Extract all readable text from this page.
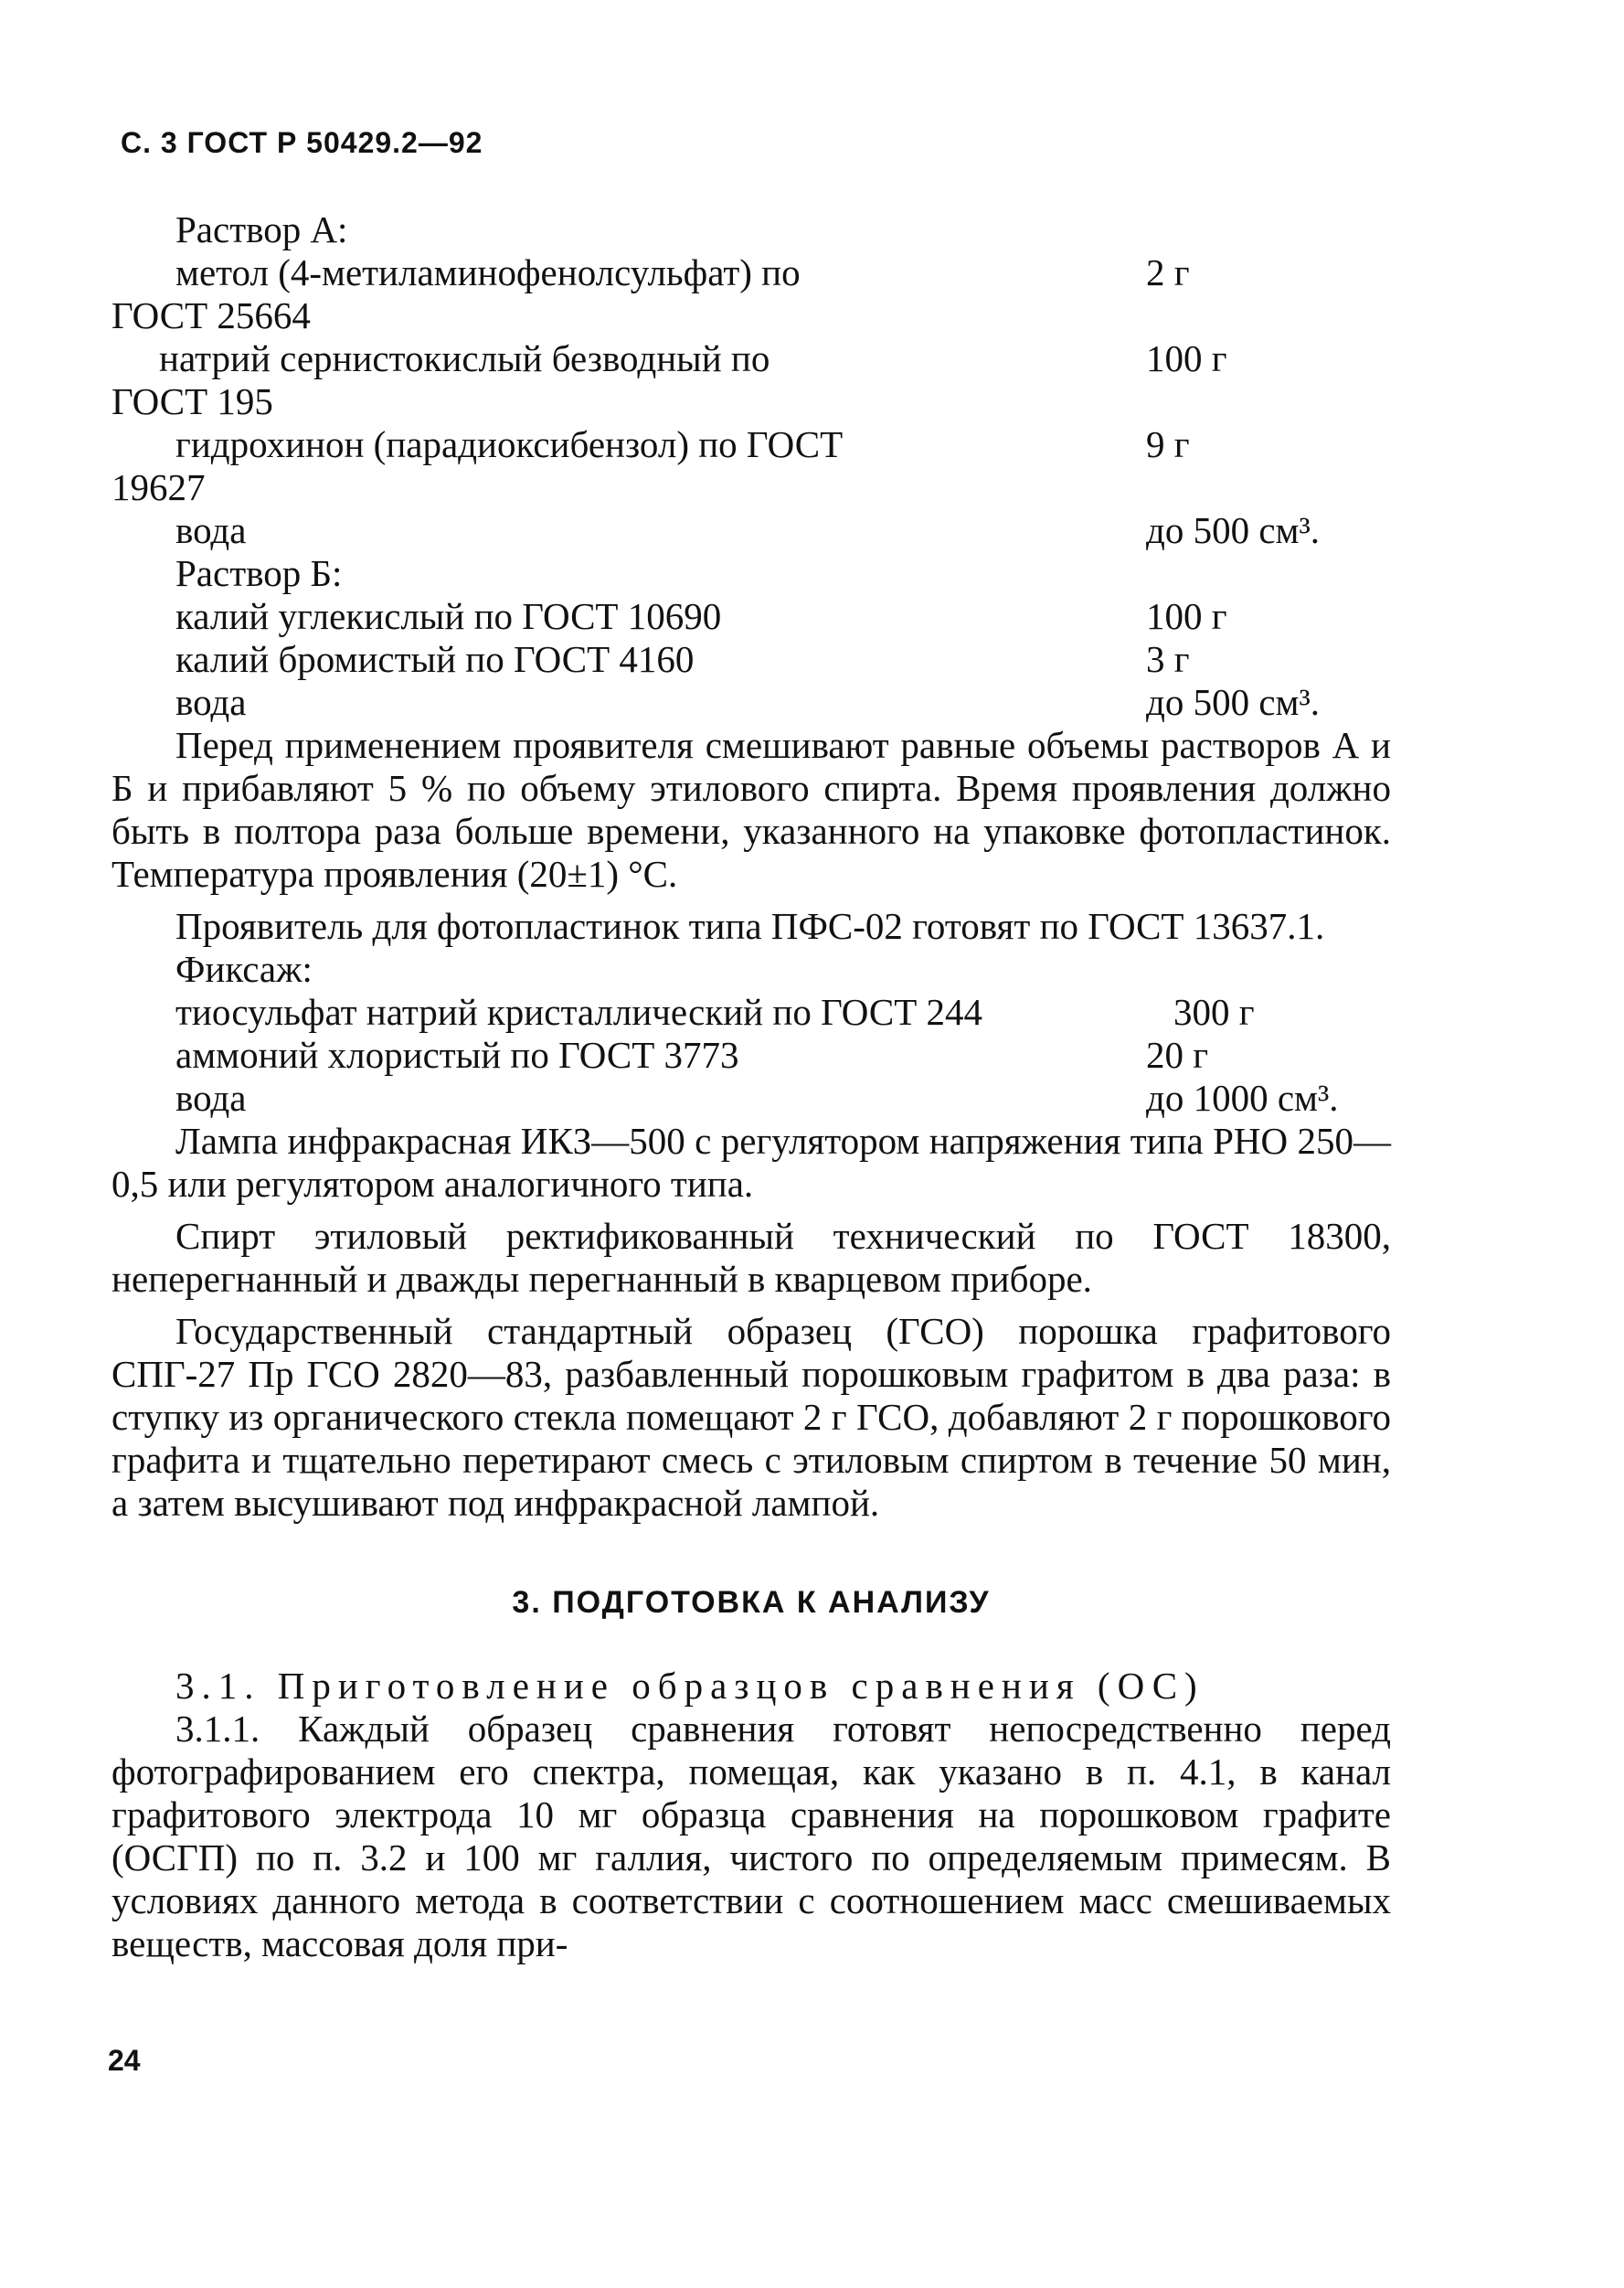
С. 3 ГОСТ Р 50429.2—92
Раствор А:
метол (4-метиламинофенолсульфат) по	2 г
ГОСТ 25664
натрий сернистокислый безводный по	100 г
ГОСТ 195
гидрохинон (парадиоксибензол) по ГОСТ	9 г
19627
вода	до 500 см³.
Раствор Б:
калий углекислый по ГОСТ 10690	100 г
калий бромистый по ГОСТ 4160	3 г
вода	до 500 см³.

Перед применением проявителя смешивают равные объемы растворов А и Б и прибавляют 5 % по объему этилового спирта. Время проявления должно быть в полтора раза больше времени, указанного на упаковке фотопластинок. Температура проявления (20±1) °С.

Проявитель для фотопластинок типа ПФС-02 готовят по ГОСТ 13637.1.

Фиксаж:
тиосульфат натрий кристаллический по ГОСТ 244	300 г
аммоний хлористый по ГОСТ 3773	20 г
вода	до 1000 см³.

Лампа инфракрасная ИКЗ—500 с регулятором напряжения типа РНО 250—0,5 или регулятором аналогичного типа.

Спирт этиловый ректификованный технический по ГОСТ 18300, неперегнанный и дважды перегнанный в кварцевом приборе.

Государственный стандартный образец (ГСО) порошка графитового СПГ-27 Пр ГСО 2820—83, разбавленный порошковым графитом в два раза: в ступку из органического стекла помещают 2 г ГСО, добавляют 2 г порошкового графита и тщательно перетирают смесь с этиловым спиртом в течение 50 мин, а затем высушивают под инфракрасной лампой.

3. ПОДГОТОВКА К АНАЛИЗУ
3.1. Приготовление образцов сравнения (ОС)

3.1.1. Каждый образец сравнения готовят непосредственно перед фотографированием его спектра, помещая, как указано в п. 4.1, в канал графитового электрода 10 мг образца сравнения на порошковом графите (ОСГП) по п. 3.2 и 100 мг галлия, чистого по определяемым примесям. В условиях данного метода в соответствии с соотношением масс смешиваемых веществ, массовая доля при-

24
